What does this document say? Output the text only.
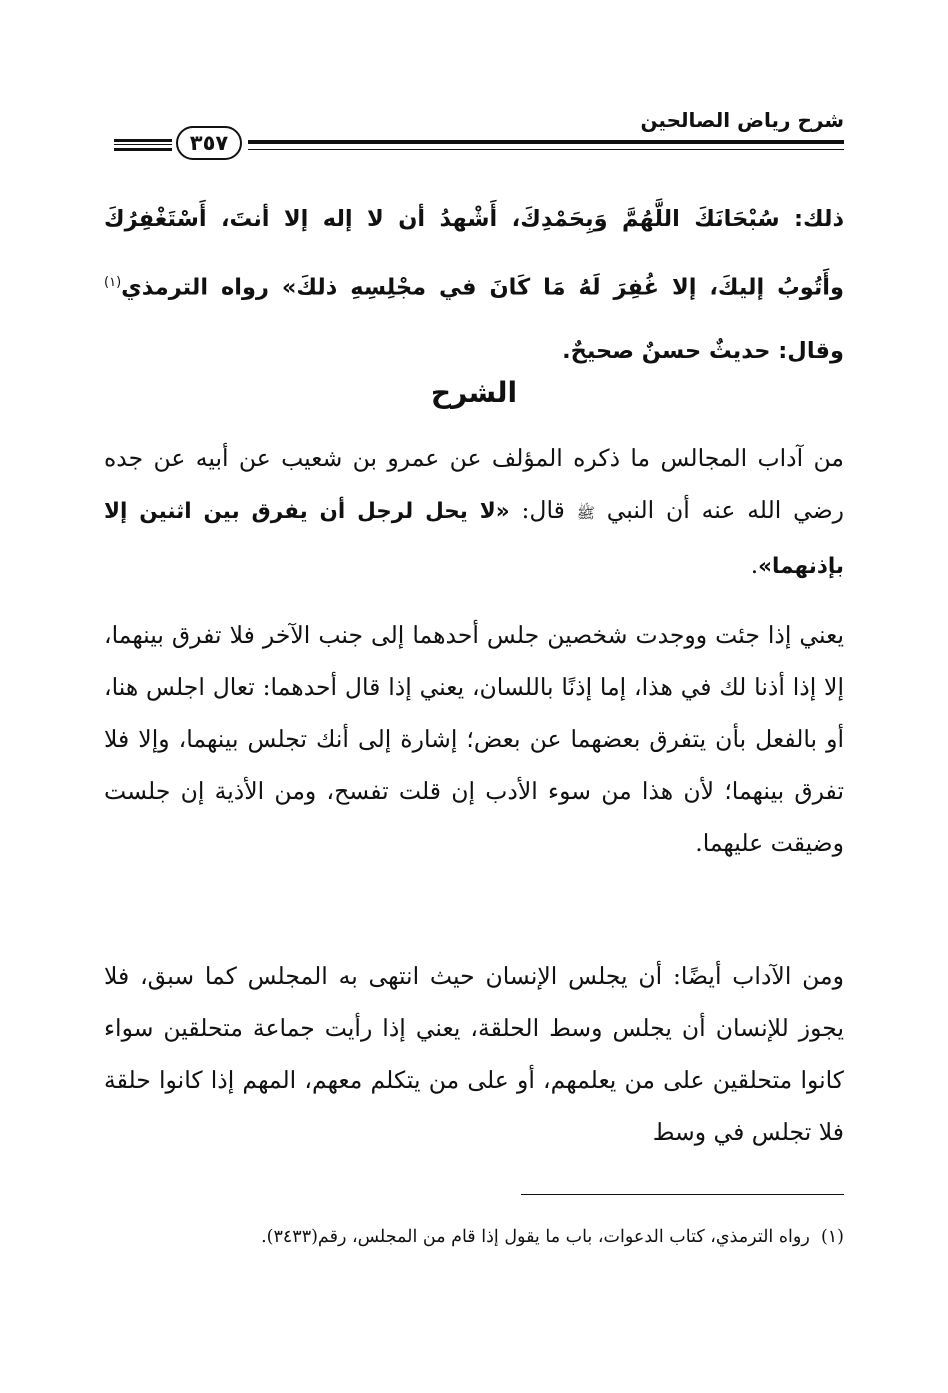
شرح رياض الصالحين
٣٥٧
ذلك: سُبْحَانَكَ اللَّهُمَّ وَبِحَمْدِكَ، أَشْهدُ أن لا إله إلا أنتَ، أَسْتَغْفِرُكَ وأَتُوبُ إليكَ، إلا غُفِرَ لَهُ مَا كَانَ في مجْلِسِهِ ذلكَ» رواه الترمذي$^{(١)}$ وقال: حديثٌ حسنٌ صحيحٌ.
الشرح
من آداب المجالس ما ذكره المؤلف عن عمرو بن شعيب عن أبيه عن جده رضي الله عنه أن النبي ﷺ قال: «لا يحل لرجل أن يفرق بين اثنين إلا بإذنهما».
يعني إذا جئت ووجدت شخصين جلس أحدهما إلى جنب الآخر فلا تفرق بينهما، إلا إذا أذنا لك في هذا، إما إذنًا باللسان، يعني إذا قال أحدهما: تعال اجلس هنا، أو بالفعل بأن يتفرق بعضهما عن بعض؛ إشارة إلى أنك تجلس بينهما، وإلا فلا تفرق بينهما؛ لأن هذا من سوء الأدب إن قلت تفسح، ومن الأذية إن جلست وضيقت عليهما.
ومن الآداب أيضًا: أن يجلس الإنسان حيث انتهى به المجلس كما سبق، فلا يجوز للإنسان أن يجلس وسط الحلقة، يعني إذا رأيت جماعة متحلقين سواء كانوا متحلقين على من يعلمهم، أو على من يتكلم معهم، المهم إذا كانوا حلقة فلا تجلس في وسط
(١)  رواه الترمذي، كتاب الدعوات، باب ما يقول إذا قام من المجلس، رقم(٣٤٣٣).
